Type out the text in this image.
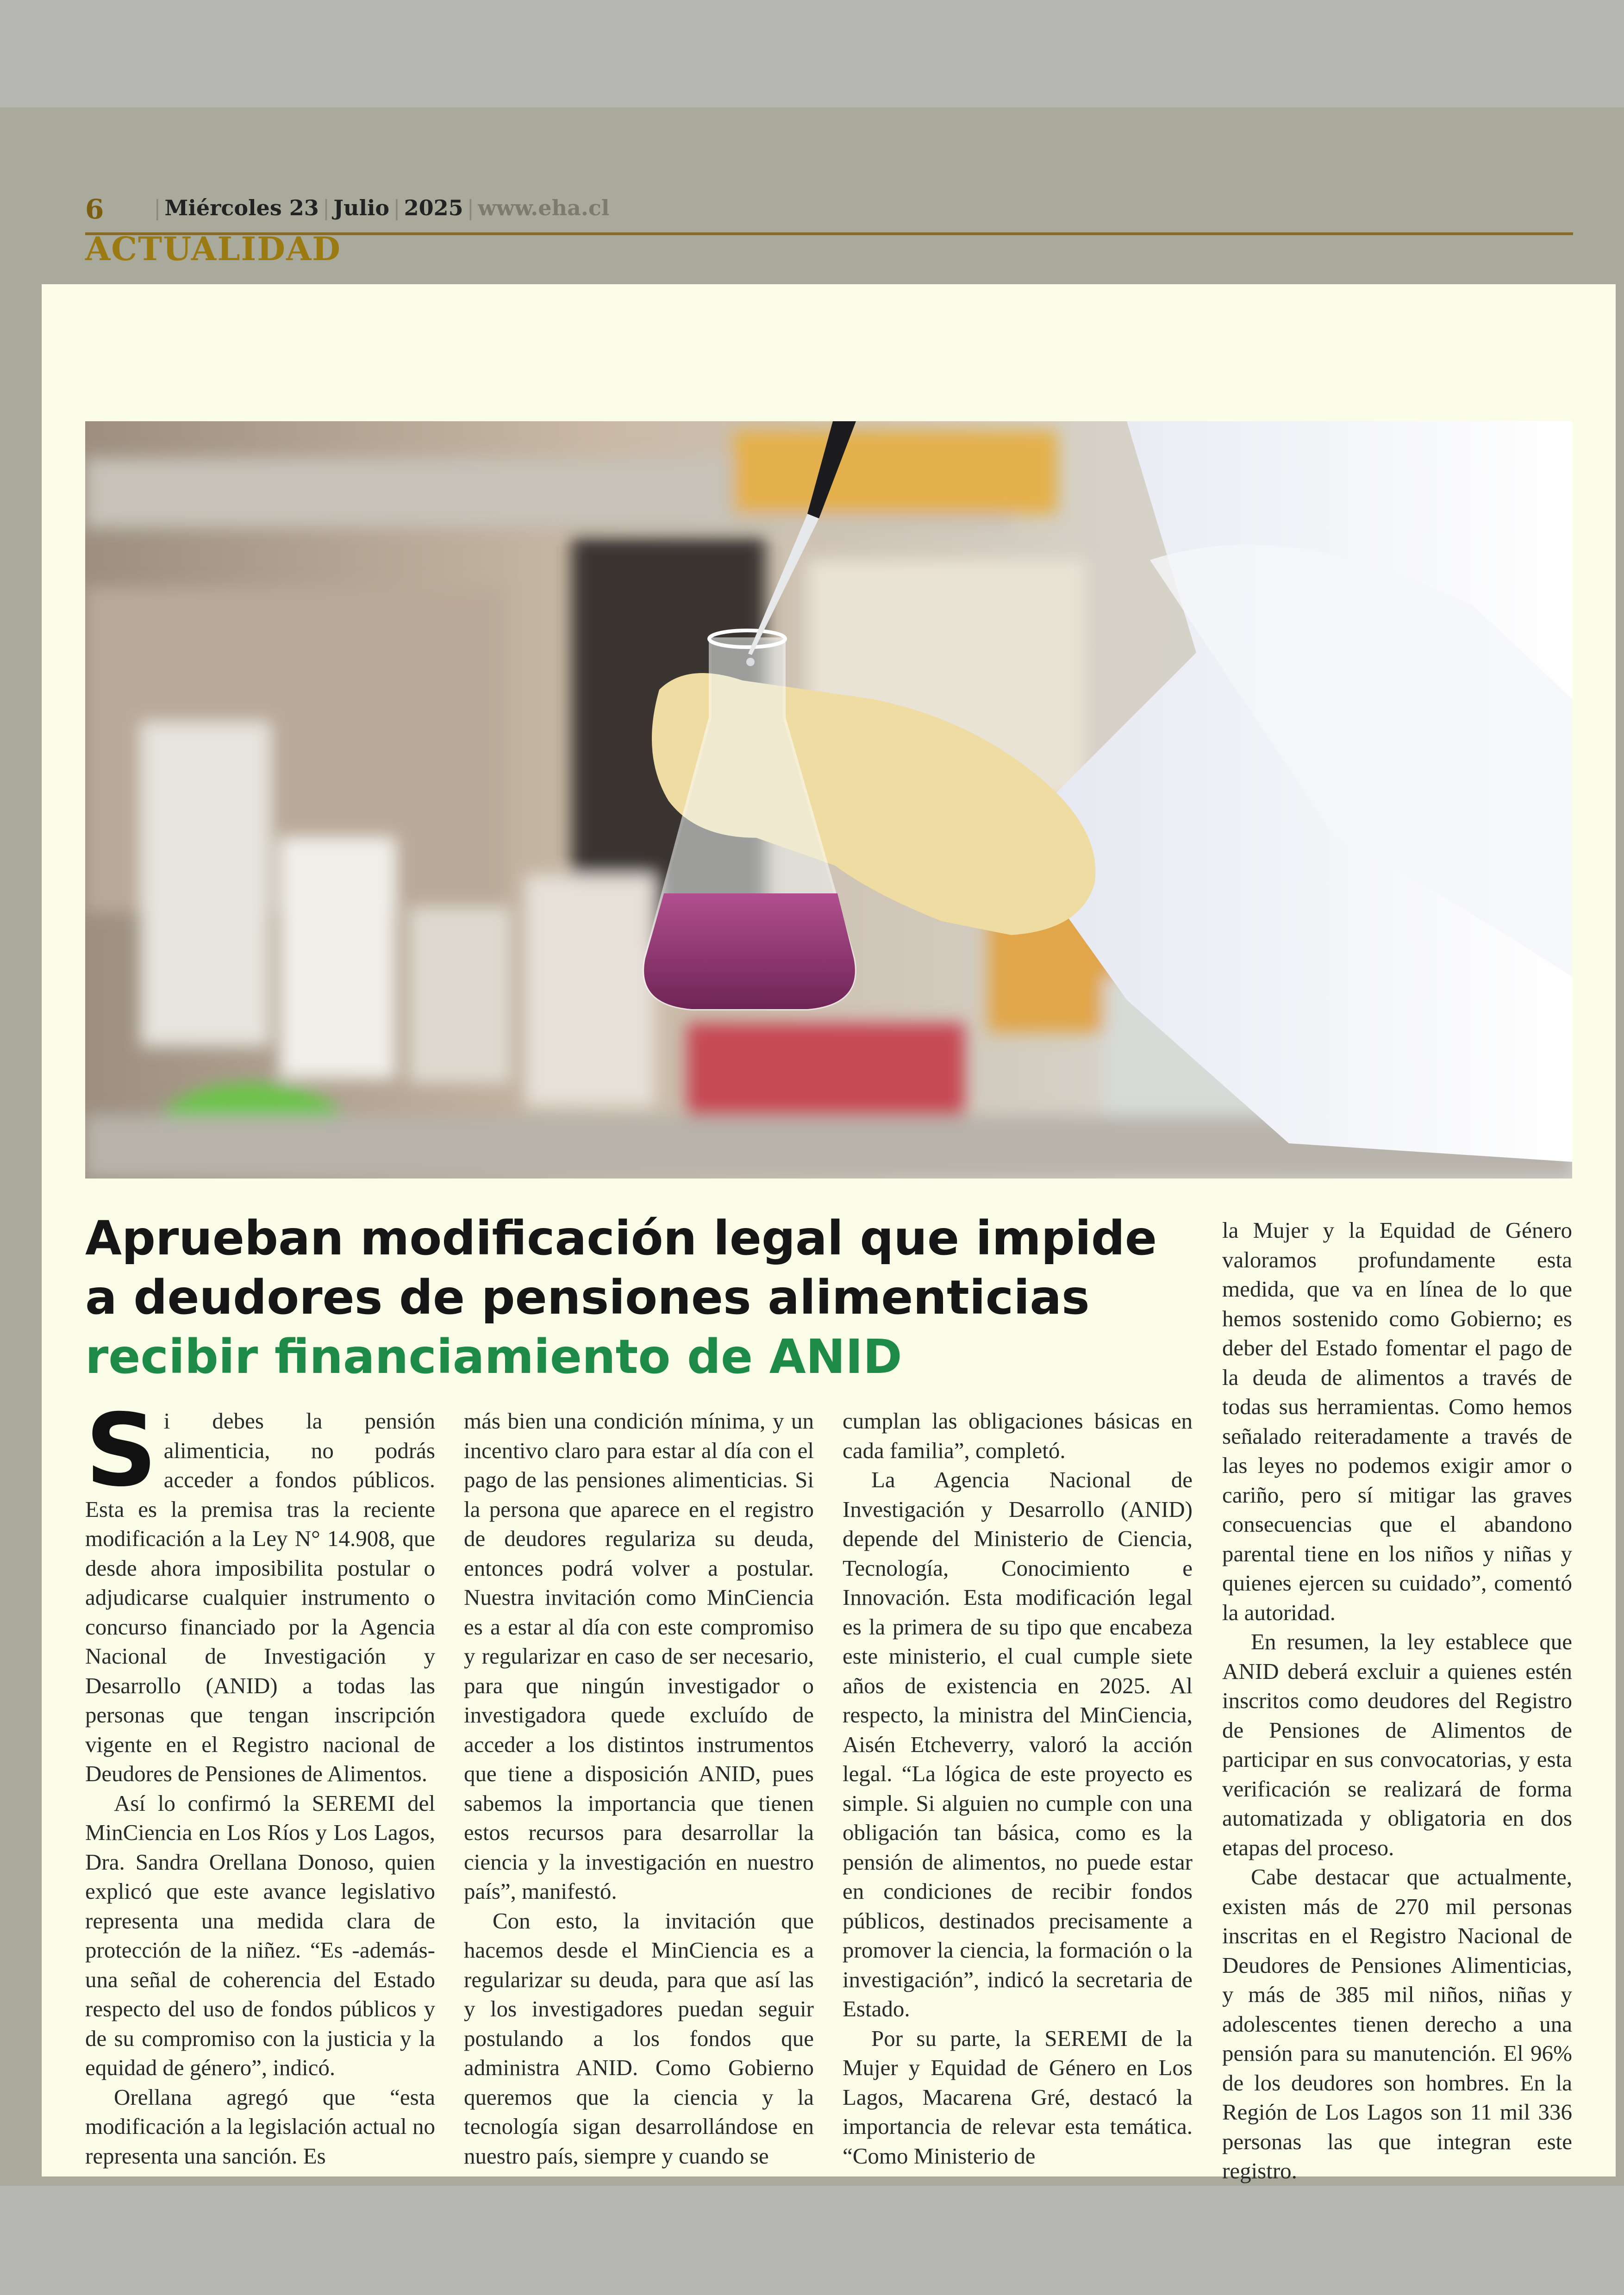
6 | Miércoles 23 | Julio | 2025 | www.eha.cl
ACTUALIDAD
Aprueban modificación legal que impide
a deudores de pensiones alimenticias
recibir financiamiento de ANID

Si debes la pensión alimenticia, no podrás acceder a fondos públicos. Esta es la premisa tras la reciente modificación a la Ley N° 14.908, que desde ahora imposibilita postular o adjudicarse cualquier instrumento o concurso financiado por la Agencia Nacional de Investigación y Desarrollo (ANID) a todas las personas que tengan inscripción vigente en el Registro nacional de Deudores de Pensiones de Alimentos.

Así lo confirmó la SEREMI del MinCiencia en Los Ríos y Los Lagos, Dra. Sandra Orellana Donoso, quien explicó que este avance legislativo representa una medida clara de protección de la niñez. “Es -además- una señal de coherencia del Estado respecto del uso de fondos públicos y de su compromiso con la justicia y la equidad de género”, indicó.

Orellana agregó que “esta modificación a la legislación actual no representa una sanción. Es

más bien una condición mínima, y un incentivo claro para estar al día con el pago de las pensiones alimenticias. Si la persona que aparece en el registro de deudores regulariza su deuda, entonces podrá volver a postular. Nuestra invitación como MinCiencia es a estar al día con este compromiso y regularizar en caso de ser necesario, para que ningún investigador o investigadora quede excluído de acceder a los distintos instrumentos que tiene a disposición ANID, pues sabemos la importancia que tienen estos recursos para desarrollar la ciencia y la investigación en nuestro país”, manifestó.

Con esto, la invitación que hacemos desde el MinCiencia es a regularizar su deuda, para que así las y los investigadores puedan seguir postulando a los fondos que administra ANID. Como Gobierno queremos que la ciencia y la tecnología sigan desarrollándose en nuestro país, siempre y cuando se

cumplan las obligaciones básicas en cada familia”, completó.

La Agencia Nacional de Investigación y Desarrollo (ANID) depende del Ministerio de Ciencia, Tecnología, Conocimiento e Innovación. Esta modificación legal es la primera de su tipo que encabeza este ministerio, el cual cumple siete años de existencia en 2025. Al respecto, la ministra del MinCiencia, Aisén Etcheverry, valoró la acción legal. “La lógica de este proyecto es simple. Si alguien no cumple con una obligación tan básica, como es la pensión de alimentos, no puede estar en condiciones de recibir fondos públicos, destinados precisamente a promover la ciencia, la formación o la investigación”, indicó la secretaria de Estado.

Por su parte, la SEREMI de la Mujer y Equidad de Género en Los Lagos, Macarena Gré, destacó la importancia de relevar esta temática. “Como Ministerio de

la Mujer y la Equidad de Género valoramos profundamente esta medida, que va en línea de lo que hemos sostenido como Gobierno; es deber del Estado fomentar el pago de la deuda de alimentos a través de todas sus herramientas. Como hemos señalado reiteradamente a través de las leyes no podemos exigir amor o cariño, pero sí mitigar las graves consecuencias que el abandono parental tiene en los niños y niñas y quienes ejercen su cuidado”, comentó la autoridad.

En resumen, la ley establece que ANID deberá excluir a quienes estén inscritos como deudores del Registro de Pensiones de Alimentos de participar en sus convocatorias, y esta verificación se realizará de forma automatizada y obligatoria en dos etapas del proceso.

Cabe destacar que actualmente, existen más de 270 mil personas inscritas en el Registro Nacional de Deudores de Pensiones Alimenticias, y más de 385 mil niños, niñas y adolescentes tienen derecho a una pensión para su manutención. El 96% de los deudores son hombres. En la Región de Los Lagos son 11 mil 336 personas las que integran este registro.
